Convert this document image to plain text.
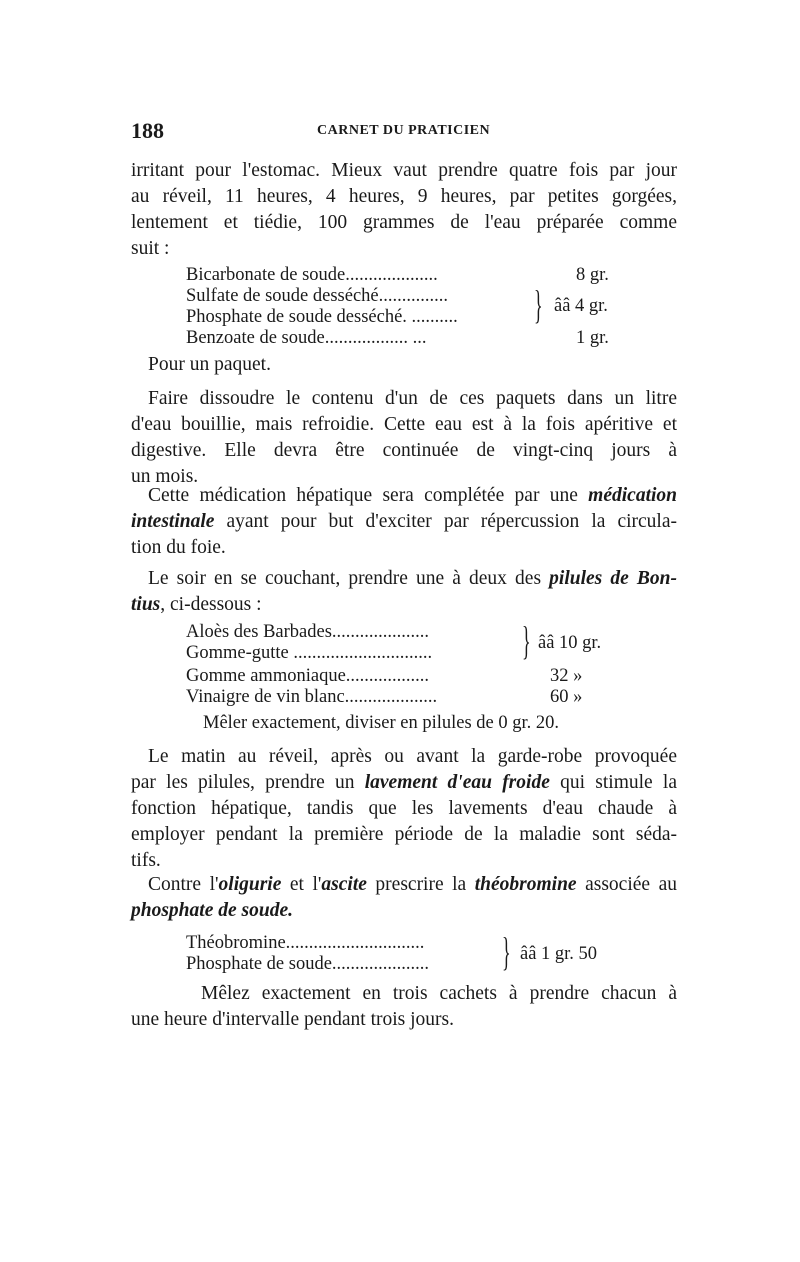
188	CARNET DU PRATICIEN
irritant pour l'estomac. Mieux vaut prendre quatre fois par jour
au réveil, 11 heures, 4 heures, 9 heures, par petites gorgées,
lentement et tiédie, 100 grammes de l'eau préparée comme
suit :
Bicarbonate de soude....................	8 gr.
Sulfate de soude desséché...............
Phosphate de soude desséché. .......... } ââ 4 gr.
Benzoate de soude.................. ...	1 gr.
Pour un paquet.
Faire dissoudre le contenu d'un de ces paquets dans un litre
d'eau bouillie, mais refroidie. Cette eau est à la fois apéritive et
digestive. Elle devra être continuée de vingt-cinq jours à
un mois.
Cette médication hépatique sera complétée par une médication
intestinale ayant pour but d'exciter par répercussion la circula-
tion du foie.
Le soir en se couchant, prendre une à deux des pilules de Bon-
tius, ci-dessous :
Aloès des Barbades.....................
Gomme-gutte .............................. } ââ 10 gr.
Gomme ammoniaque..................	32 »
Vinaigre de vin blanc....................	60 »
Mêler exactement, diviser en pilules de 0 gr. 20.
Le matin au réveil, après ou avant la garde-robe provoquée
par les pilules, prendre un lavement d'eau froide qui stimule la
fonction hépatique, tandis que les lavements d'eau chaude à
employer pendant la première période de la maladie sont séda-
tifs.
Contre l'oligurie et l'ascite prescrire la théobromine associée au
phosphate de soude.
Théobromine..............................
Phosphate de soude..................... } ââ 1 gr. 50
Mêlez exactement en trois cachets à prendre chacun à
une heure d'intervalle pendant trois jours.
